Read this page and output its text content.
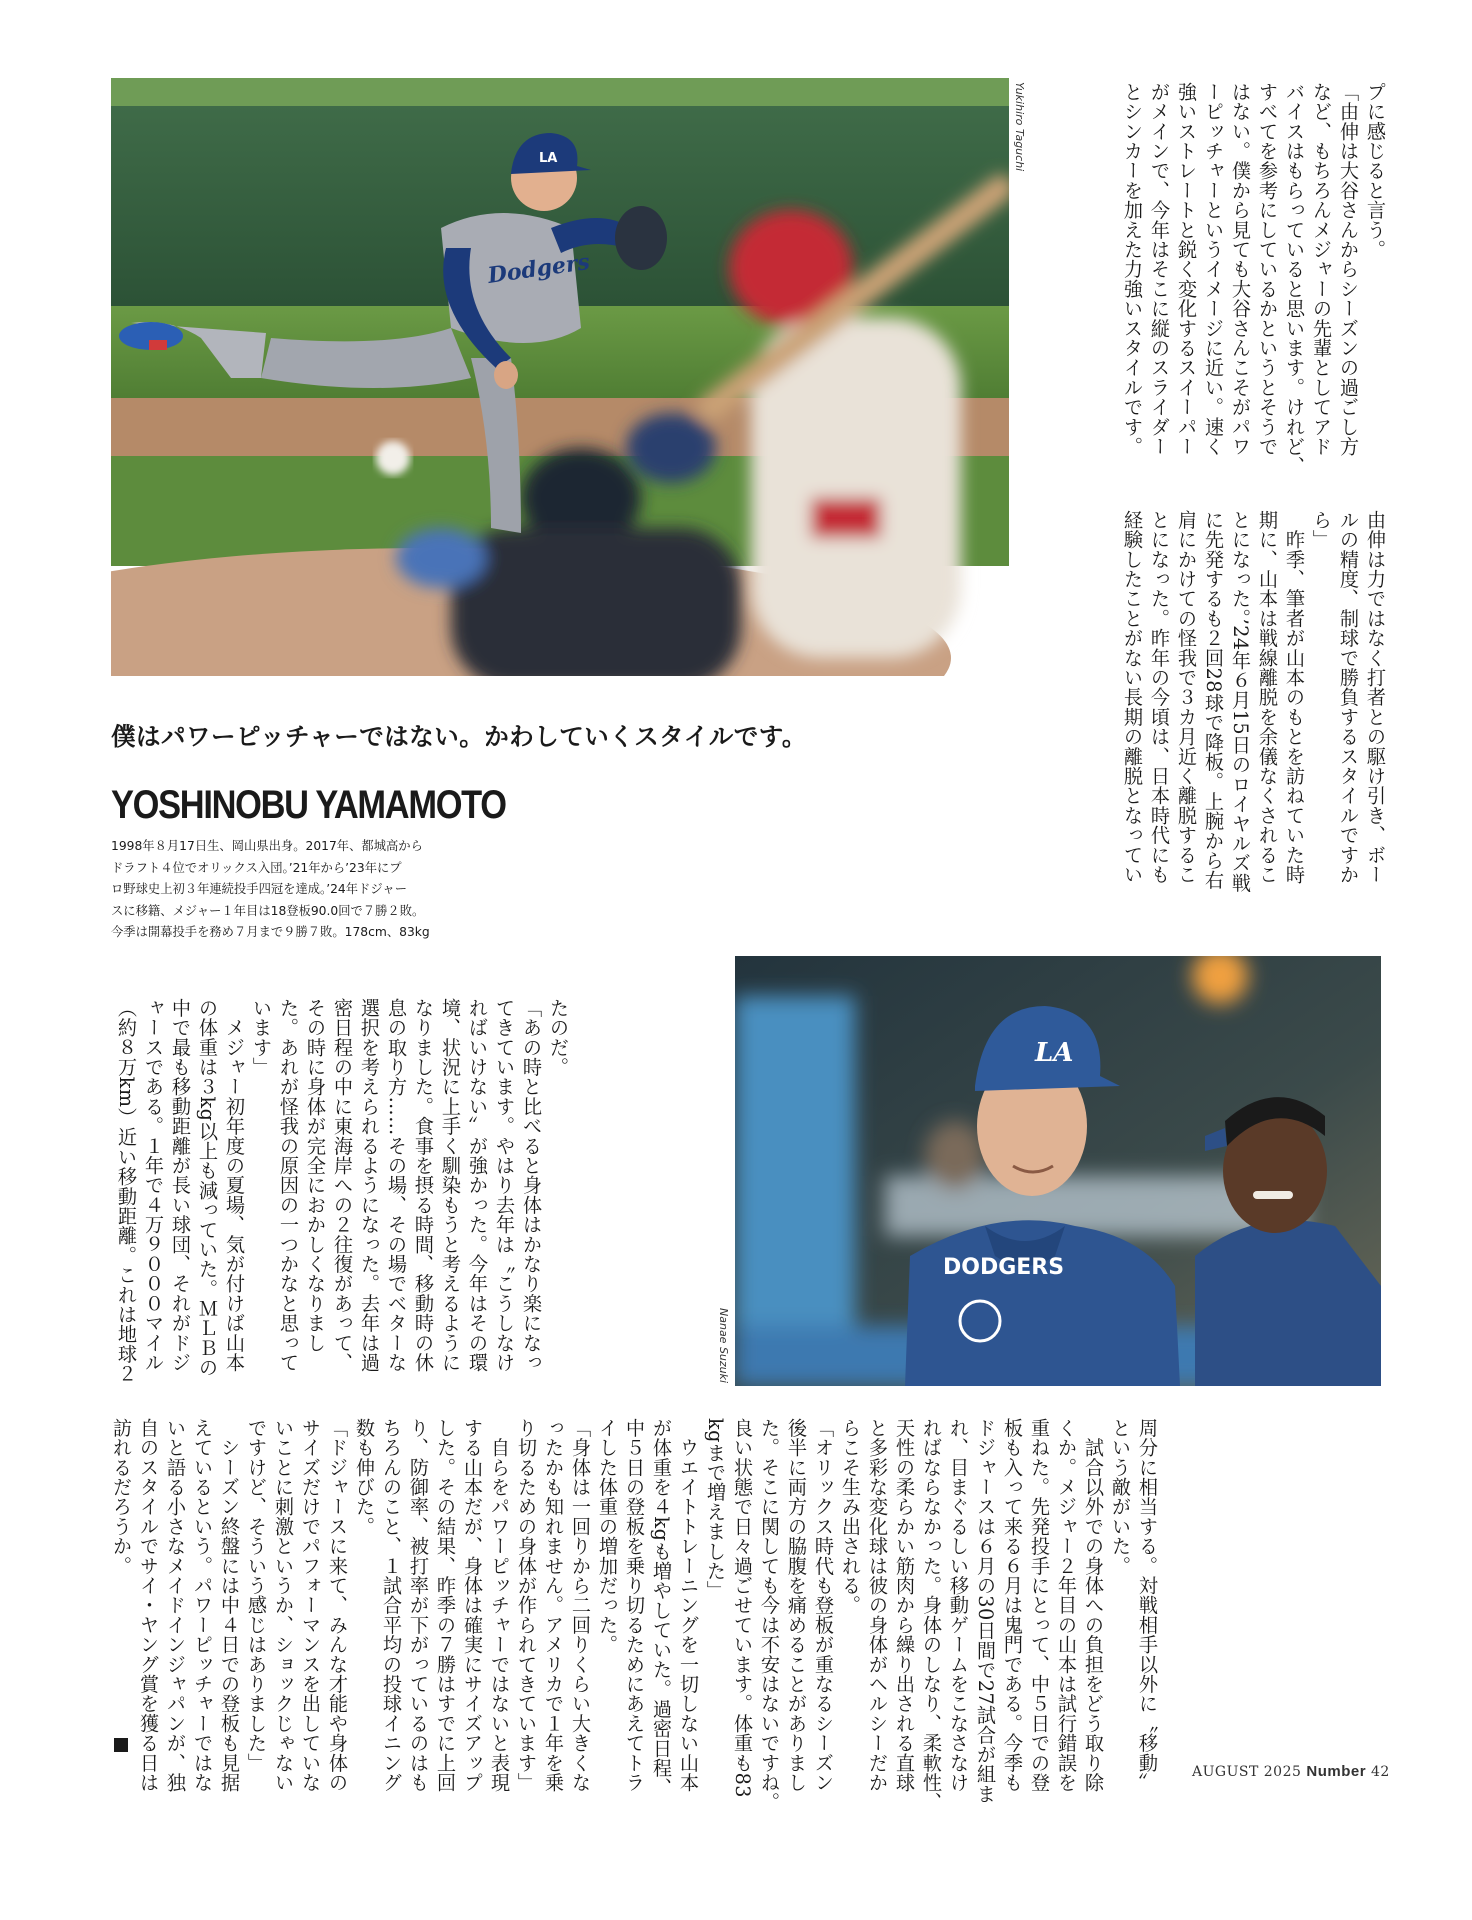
LA
Dodgers
Yukihiro Taguchi
LA
DODGERS
Nanae Suzuki
僕はパワーピッチャーではない。かわしていくスタイルです。
YOSHINOBU YAMAMOTO
1998年８月17日生、岡山県出身。2017年、都城高から
ドラフト４位でオリックス入団。’21年から’23年にプ
ロ野球史上初３年連続投手四冠を達成。’24年ドジャー
スに移籍、メジャー１年目は18登板90.0回で７勝２敗。
今季は開幕投手を務め７月まで９勝７敗。178cm、83kg
プに感じると言う。
「由伸は大谷さんからシーズンの過ごし方
など、もちろんメジャーの先輩としてアド
バイスはもらっていると思います。けれど、
すべてを参考にしているかというとそうで
はない。僕から見ても大谷さんこそがパワ
ーピッチャーというイメージに近い。速く
強いストレートと鋭く変化するスイーパー
がメインで、今年はそこに縦のスライダー
とシンカーを加えた力強いスタイルです。
由伸は力ではなく打者との駆け引き、ボー
ルの精度、制球で勝負するスタイルですか
ら」
　昨季、筆者が山本のもとを訪ねていた時
期に、山本は戦線離脱を余儀なくされるこ
とになった。’24年６月15日のロイヤルズ戦
に先発するも２回28球で降板。上腕から右
肩にかけての怪我で３カ月近く離脱するこ
とになった。昨年の今頃は、日本時代にも
経験したことがない長期の離脱となってい
たのだ。
「あの時と比べると身体はかなり楽になっ
てきています。やはり去年は〝こうしなけ
ればいけない〟が強かった。今年はその環
境、状況に上手く馴染もうと考えるように
なりました。食事を摂る時間、移動時の休
息の取り方……その場、その場でベターな
選択を考えられるようになった。去年は過
密日程の中に東海岸への２往復があって、
その時に身体が完全におかしくなりまし
た。あれが怪我の原因の一つかなと思って
います」
　メジャー初年度の夏場、気が付けば山本
の体重は３kg以上も減っていた。ＭＬＢの
中で最も移動距離が長い球団、それがドジ
ャースである。１年で４万９０００マイル
（約８万km）近い移動距離。これは地球２
周分に相当する。対戦相手以外に〝移動〟
という敵がいた。
　試合以外での身体への負担をどう取り除
くか。メジャー２年目の山本は試行錯誤を
重ねた。先発投手にとって、中５日での登
板も入って来る６月は鬼門である。今季も
ドジャースは６月の30日間で27試合が組ま
れ、目まぐるしい移動ゲームをこなさなけ
ればならなかった。身体のしなり、柔軟性、
天性の柔らかい筋肉から繰り出される直球
と多彩な変化球は彼の身体がヘルシーだか
らこそ生み出される。
「オリックス時代も登板が重なるシーズン
後半に両方の脇腹を痛めることがありまし
た。そこに関しても今は不安はないですね。
良い状態で日々過ごせています。体重も83
kgまで増えました」
　ウエイトトレーニングを一切しない山本
が体重を４kgも増やしていた。過密日程、
中５日の登板を乗り切るためにあえてトラ
イした体重の増加だった。
「身体は一回りから二回りくらい大きくな
ったかも知れません。アメリカで１年を乗
り切るための身体が作られてきています」
　自らをパワーピッチャーではないと表現
する山本だが、身体は確実にサイズアップ
した。その結果、昨季の７勝はすでに上回
り、防御率、被打率が下がっているのはも
ちろんのこと、１試合平均の投球イニング
数も伸びた。
「ドジャースに来て、みんな才能や身体の
サイズだけでパフォーマンスを出していな
いことに刺激というか、ショックじゃない
ですけど、そういう感じはありました」
　シーズン終盤には中４日での登板も見据
えているという。パワーピッチャーではな
いと語る小さなメイドインジャパンが、独
自のスタイルでサイ・ヤング賞を獲る日は
訪れるだろうか。
AUGUST 2025 Number 42
